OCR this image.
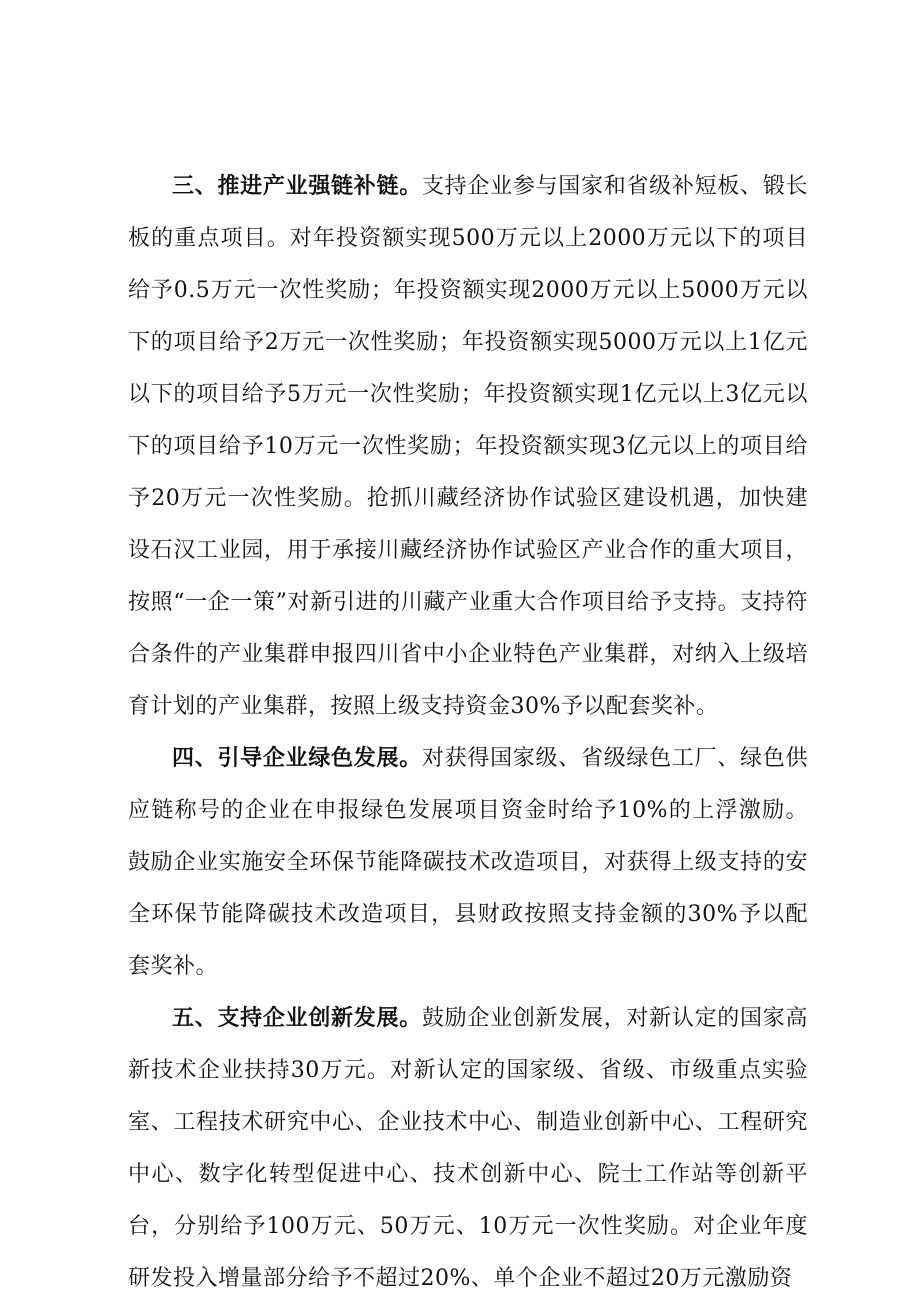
三、推进产业强链补链。支持企业参与国家和省级补短板、锻长板的重点项目。对年投资额实现500万元以上2000万元以下的项目给予0.5万元一次性奖励；年投资额实现2000万元以上5000万元以下的项目给予2万元一次性奖励；年投资额实现5000万元以上1亿元以下的项目给予5万元一次性奖励；年投资额实现1亿元以上3亿元以下的项目给予10万元一次性奖励；年投资额实现3亿元以上的项目给予20万元一次性奖励。抢抓川藏经济协作试验区建设机遇，加快建设石汉工业园，用于承接川藏经济协作试验区产业合作的重大项目，按照“一企一策”对新引进的川藏产业重大合作项目给予支持。支持符合条件的产业集群申报四川省中小企业特色产业集群，对纳入上级培育计划的产业集群，按照上级支持资金30%予以配套奖补。

四、引导企业绿色发展。对获得国家级、省级绿色工厂、绿色供应链称号的企业在申报绿色发展项目资金时给予10%的上浮激励。鼓励企业实施安全环保节能降碳技术改造项目，对获得上级支持的安全环保节能降碳技术改造项目，县财政按照支持金额的30%予以配套奖补。

五、支持企业创新发展。鼓励企业创新发展，对新认定的国家高新技术企业扶持30万元。对新认定的国家级、省级、市级重点实验室、工程技术研究中心、企业技术中心、制造业创新中心、工程研究中心、数字化转型促进中心、技术创新中心、院士工作站等创新平台，分别给予100万元、50万元、10万元一次性奖励。对企业年度研发投入增量部分给予不超过20%、单个企业不超过20万元激励资
